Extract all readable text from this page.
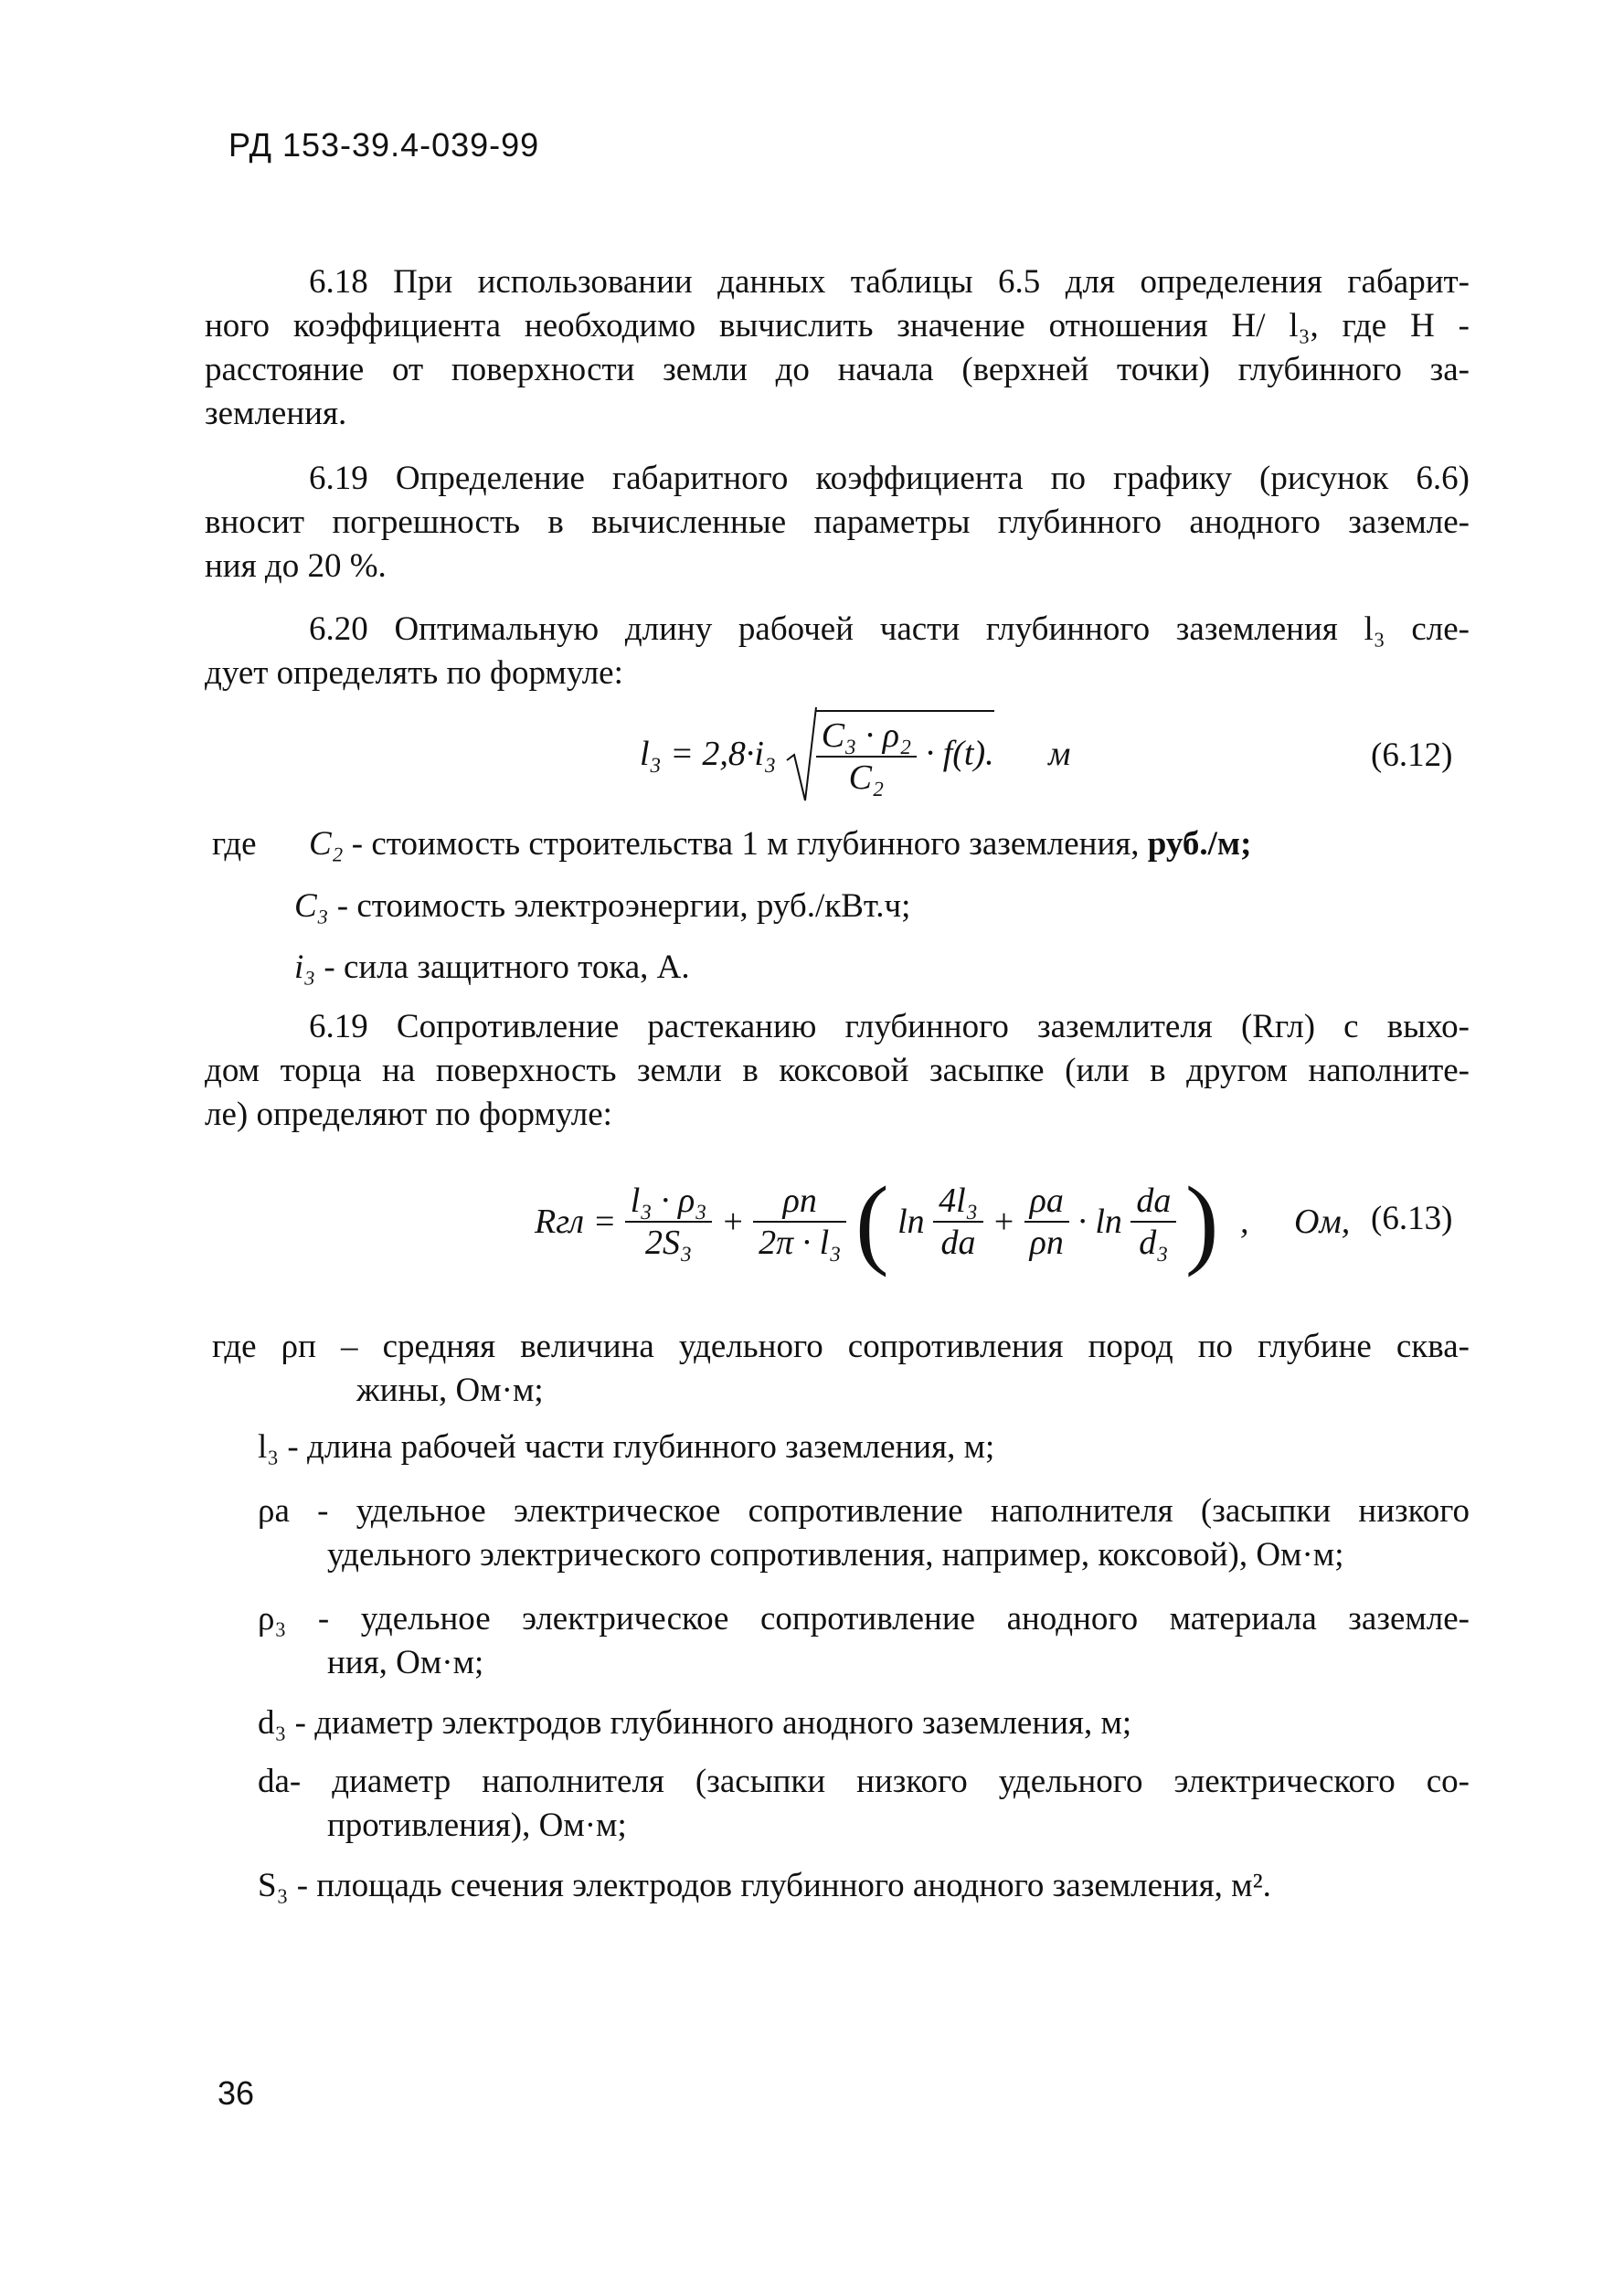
РД 153-39.4-039-99
6.18 При использовании данных таблицы 6.5 для определения габарит-
ного коэффициента необходимо вычислить значение отношения H/ l₃, где H -
расстояние от поверхности земли до начала (верхней точки) глубинного за-
земления.
6.19 Определение габаритного коэффициента по графику (рисунок 6.6)
вносит погрешность в вычисленные параметры глубинного анодного заземле-
ния до 20 %.
6.20 Оптимальную длину рабочей части глубинного заземления l₃ сле-
дует определять по формуле:
$l_3 = 2,8\cdot i_3 \frac{\text{C₃ · ρ₂}}{\text{C₂}} \cdot f(t)$. м	(6.12)
где C₂ - стоимость строительства 1 м глубинного заземления, руб./м;
C₃ - стоимость электроэнергии, руб./кВт.ч;
i₃ - сила защитного тока, А.
6.19 Сопротивление растеканию глубинного заземлителя (Rгл) с выхо-
дом торца на поверхность земли в коксовой засыпке (или в другом наполните-
ле) определяют по формуле:
Rгл = $\frac{\text{l₃ · ρ₃}}{\text{2S₃}} + \frac{\rho п}{\text{2π · l₃}}$ ( $\ln \frac{\text{4l₃}}{dа} + \frac{\rho а}{\rho п} \cdot \ln \frac{dа}{\text{d₃}}$ ) , Ом, (6.13)
где ρп – средняя величина удельного сопротивления пород по глубине сква-
жины, Ом·м;
l₃ - длина рабочей части глубинного заземления, м;
ρа - удельное электрическое сопротивление наполнителя (засыпки низкого
удельного электрического сопротивления, например, коксовой), Ом·м;
ρ₃ - удельное электрическое сопротивление анодного материала заземле-
ния, Ом·м;
d₃ - диаметр электродов глубинного анодного заземления, м;
dа- диаметр наполнителя (засыпки низкого удельного электрического со-
противления), Ом·м;
S₃ - площадь сечения электродов глубинного анодного заземления, м².
36
